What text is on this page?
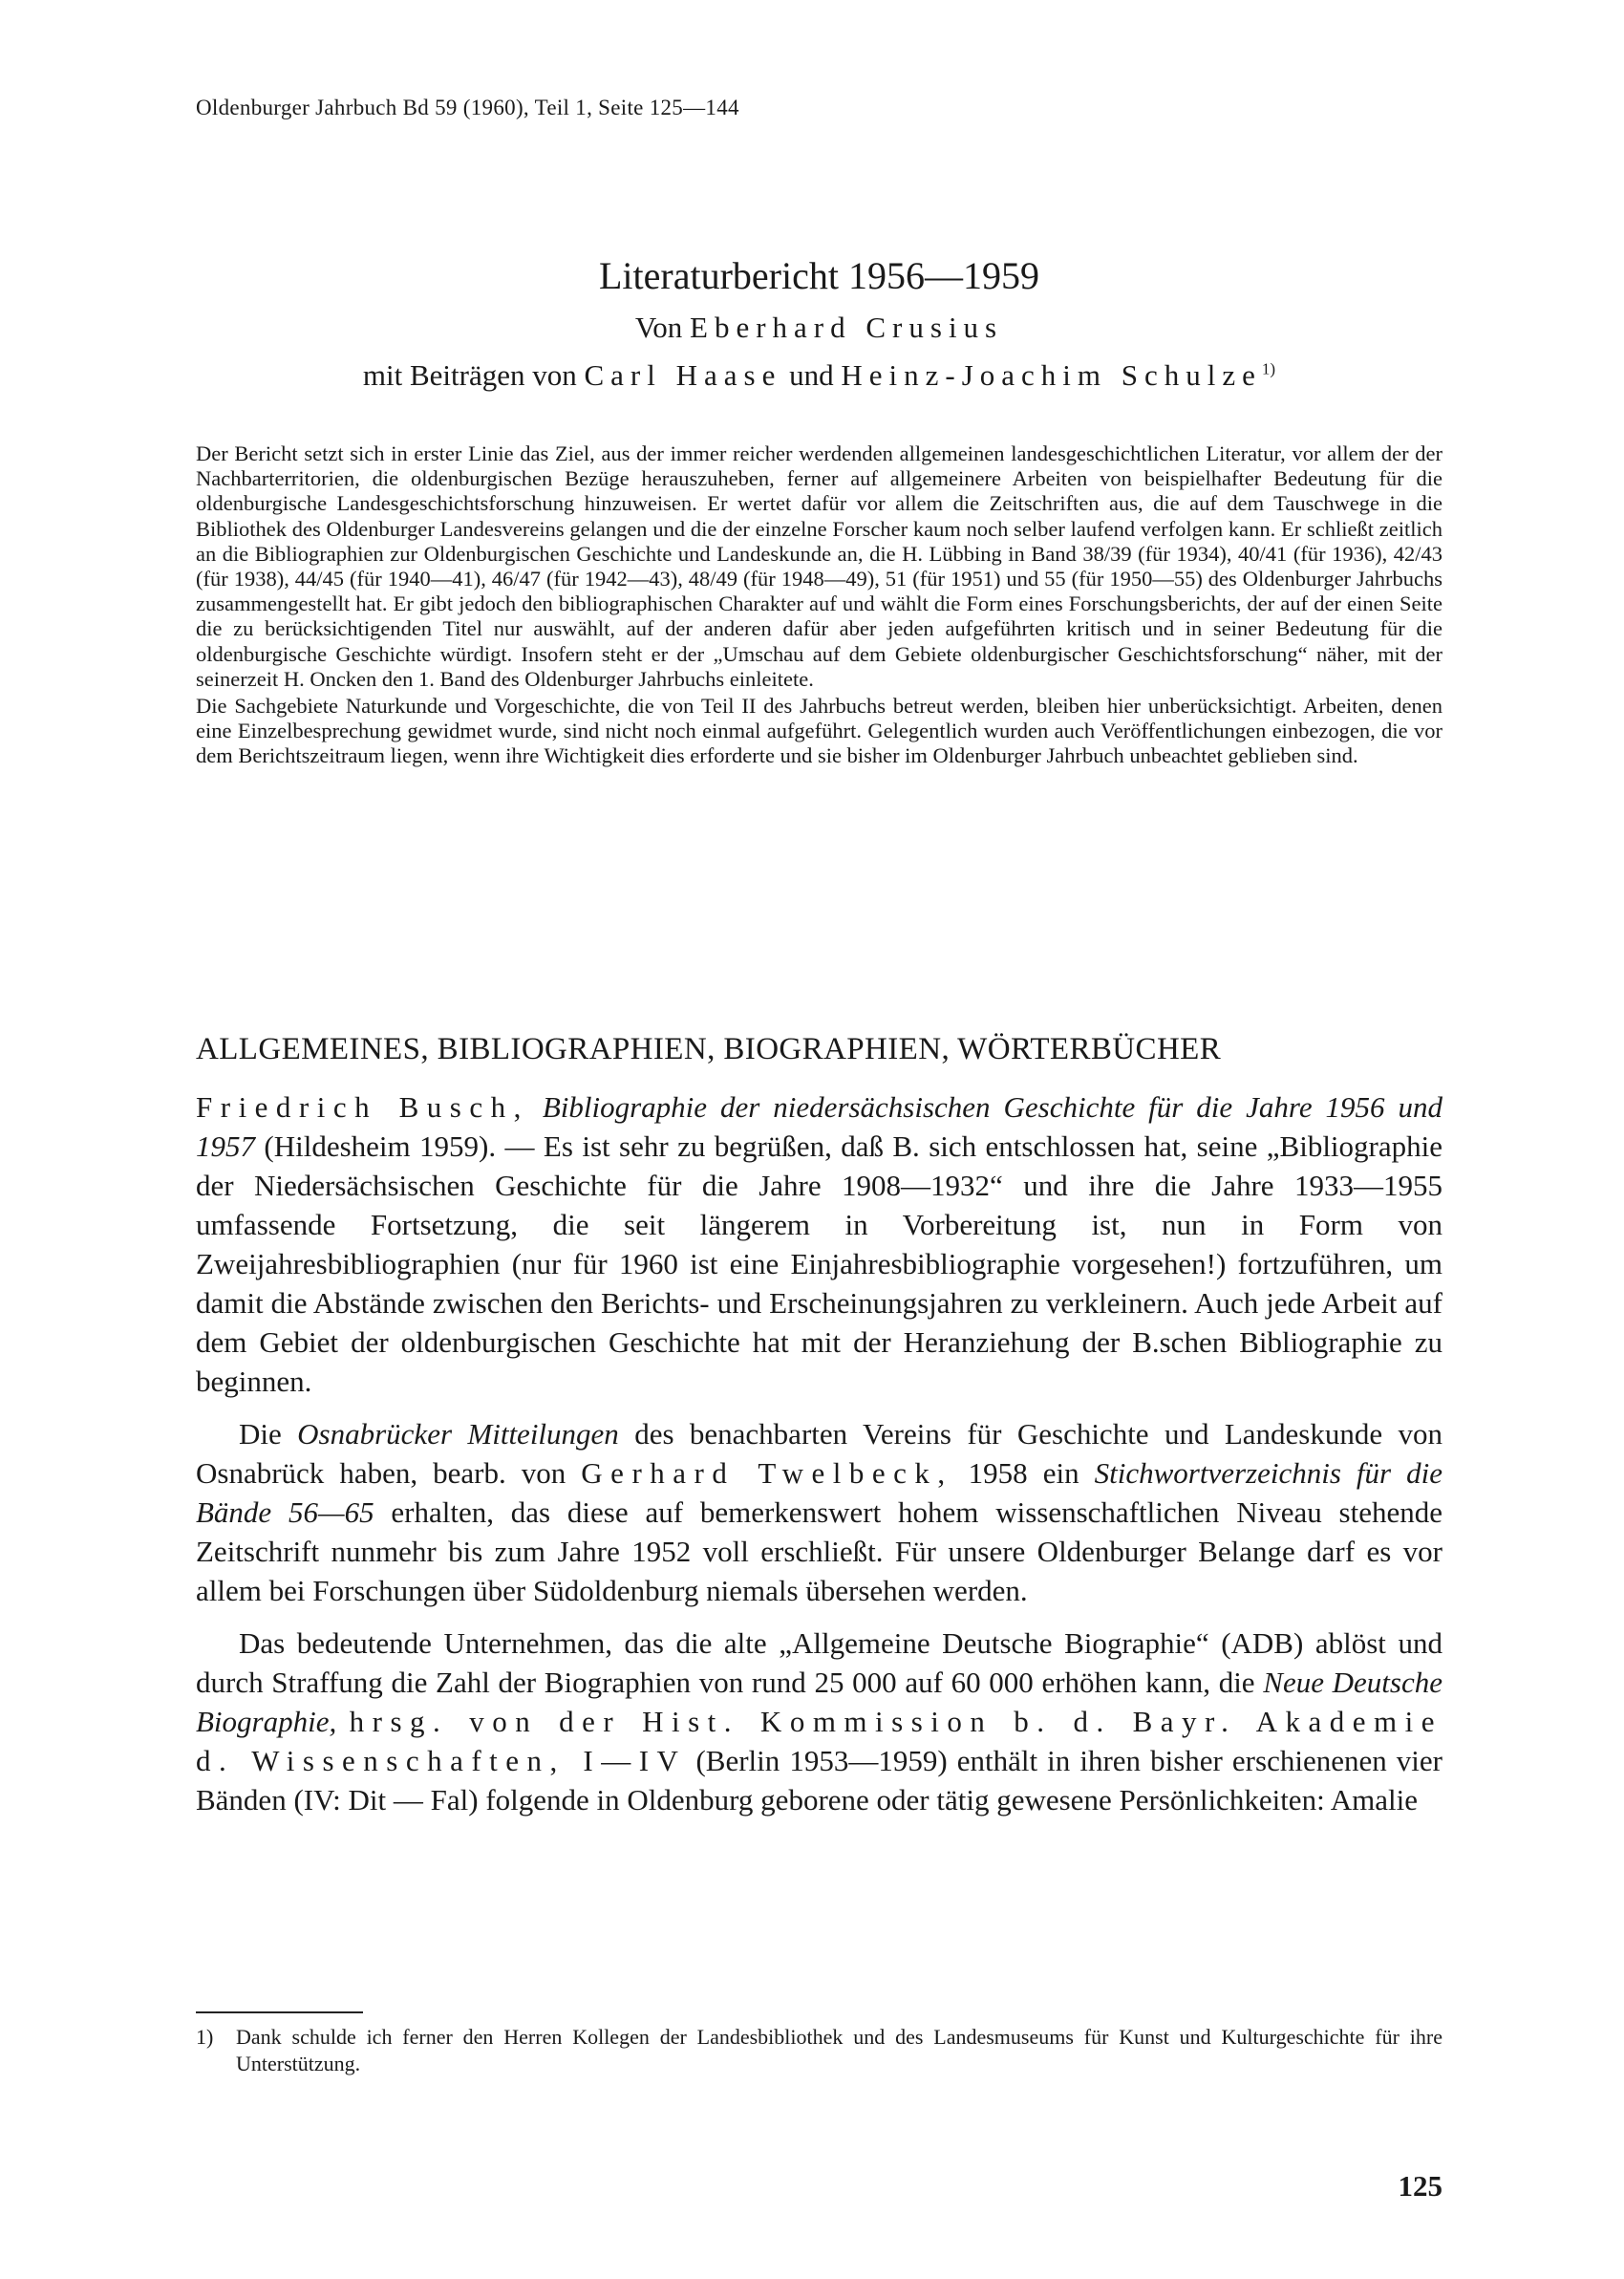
Oldenburger Jahrbuch Bd 59 (1960), Teil 1, Seite 125—144
Literaturbericht 1956—1959
Von Eberhard Crusius
mit Beiträgen von Carl Haase und Heinz-Joachim Schulze$^{1)}$

Der Bericht setzt sich in erster Linie das Ziel, aus der immer reicher werdenden allgemeinen landesgeschichtlichen Literatur, vor allem der der Nachbarterritorien, die oldenburgischen Bezüge herauszuheben, ferner auf allgemeinere Arbeiten von beispielhafter Bedeutung für die oldenburgische Landesgeschichtsforschung hinzuweisen. Er wertet dafür vor allem die Zeitschriften aus, die auf dem Tauschwege in die Bibliothek des Oldenburger Landesvereins gelangen und die der einzelne Forscher kaum noch selber laufend verfolgen kann. Er schließt zeitlich an die Bibliographien zur Oldenburgischen Geschichte und Landeskunde an, die H. Lübbing in Band 38/39 (für 1934), 40/41 (für 1936), 42/43 (für 1938), 44/45 (für 1940—41), 46/47 (für 1942—43), 48/49 (für 1948—49), 51 (für 1951) und 55 (für 1950—55) des Oldenburger Jahrbuchs zusammengestellt hat. Er gibt jedoch den bibliographischen Charakter auf und wählt die Form eines Forschungsberichts, der auf der einen Seite die zu berücksichtigenden Titel nur auswählt, auf der anderen dafür aber jeden aufgeführten kritisch und in seiner Bedeutung für die oldenburgische Geschichte würdigt. Insofern steht er der „Umschau auf dem Gebiete oldenburgischer Geschichtsforschung“ näher, mit der seinerzeit H. Oncken den 1. Band des Oldenburger Jahrbuchs einleitete.

Die Sachgebiete Naturkunde und Vorgeschichte, die von Teil II des Jahrbuchs betreut werden, bleiben hier unberücksichtigt. Arbeiten, denen eine Einzelbesprechung gewidmet wurde, sind nicht noch einmal aufgeführt. Gelegentlich wurden auch Veröffentlichungen einbezogen, die vor dem Berichtszeitraum liegen, wenn ihre Wichtigkeit dies erforderte und sie bisher im Oldenburger Jahrbuch unbeachtet geblieben sind.

ALLGEMEINES, BIBLIOGRAPHIEN, BIOGRAPHIEN, WÖRTERBÜCHER

Friedrich Busch, Bibliographie der niedersächsischen Geschichte für die Jahre 1956 und 1957 (Hildesheim 1959). — Es ist sehr zu begrüßen, daß B. sich entschlossen hat, seine „Bibliographie der Niedersächsischen Geschichte für die Jahre 1908—1932“ und ihre die Jahre 1933—1955 umfassende Fortsetzung, die seit längerem in Vorbereitung ist, nun in Form von Zweijahresbibliographien (nur für 1960 ist eine Einjahresbibliographie vorgesehen!) fortzuführen, um damit die Abstände zwischen den Berichts- und Erscheinungsjahren zu verkleinern. Auch jede Arbeit auf dem Gebiet der oldenburgischen Geschichte hat mit der Heranziehung der B.schen Bibliographie zu beginnen.

Die Osnabrücker Mitteilungen des benachbarten Vereins für Geschichte und Landeskunde von Osnabrück haben, bearb. von Gerhard Twelbeck, 1958 ein Stichwortverzeichnis für die Bände 56—65 erhalten, das diese auf bemerkenswert hohem wissenschaftlichen Niveau stehende Zeitschrift nunmehr bis zum Jahre 1952 voll erschließt. Für unsere Oldenburger Belange darf es vor allem bei Forschungen über Südoldenburg niemals übersehen werden.

Das bedeutende Unternehmen, das die alte „Allgemeine Deutsche Biographie“ (ADB) ablöst und durch Straffung die Zahl der Biographien von rund 25 000 auf 60 000 erhöhen kann, die Neue Deutsche Biographie, hrsg. von der Hist. Kommission b. d. Bayr. Akademie d. Wissenschaften, I—IV (Berlin 1953—1959) enthält in ihren bisher erschienenen vier Bänden (IV: Dit — Fal) folgende in Oldenburg geborene oder tätig gewesene Persönlichkeiten: Amalie

1) Dank schulde ich ferner den Herren Kollegen der Landesbibliothek und des Landesmuseums für Kunst und Kulturgeschichte für ihre Unterstützung.
125
